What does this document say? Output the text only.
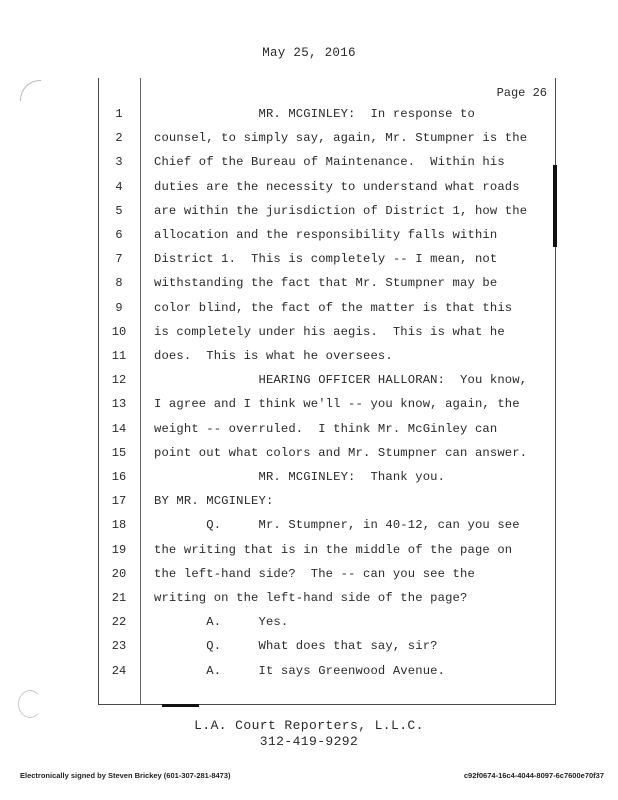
May 25, 2016
Page 26
1	MR. MCGINLEY:  In response to
2	counsel, to simply say, again, Mr. Stumpner is the
3	Chief of the Bureau of Maintenance.  Within his
4	duties are the necessity to understand what roads
5	are within the jurisdiction of District 1, how the
6	allocation and the responsibility falls within
7	District 1.  This is completely -- I mean, not
8	withstanding the fact that Mr. Stumpner may be
9	color blind, the fact of the matter is that this
10	is completely under his aegis.  This is what he
11	does.  This is what he oversees.
12	HEARING OFFICER HALLORAN:  You know,
13	I agree and I think we'll -- you know, again, the
14	weight -- overruled.  I think Mr. McGinley can
15	point out what colors and Mr. Stumpner can answer.
16	MR. MCGINLEY:  Thank you.
17	BY MR. MCGINLEY:
18	Q.     Mr. Stumpner, in 40-12, can you see
19	the writing that is in the middle of the page on
20	the left-hand side?  The -- can you see the
21	writing on the left-hand side of the page?
22	A.     Yes.
23	Q.     What does that say, sir?
24	A.     It says Greenwood Avenue.
L.A. Court Reporters, L.L.C.
312-419-9292
Electronically signed by Steven Brickey (601-307-281-8473)	c92f0674-16c4-4044-8097-6c7600e70f37
